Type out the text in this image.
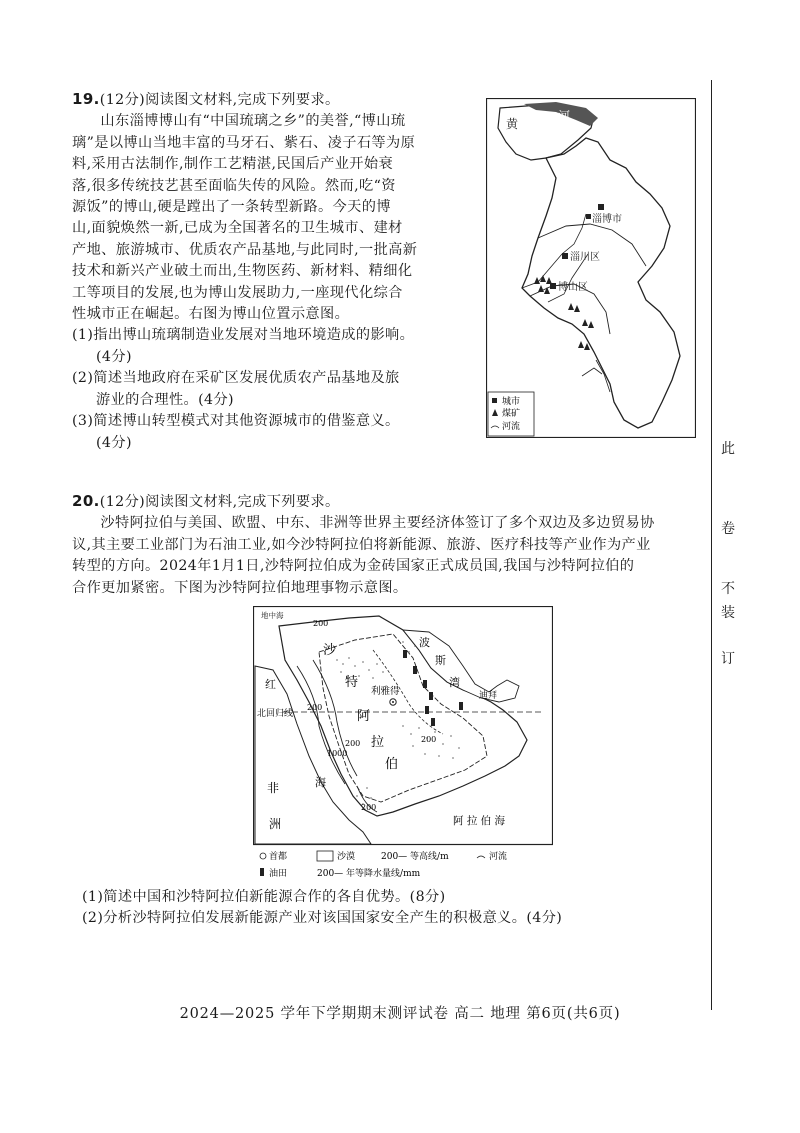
此
卷
不
装
订
19.(12分)阅读图文材料,完成下列要求。
山东淄博博山有“中国琉璃之乡”的美誉,“博山琉
璃”是以博山当地丰富的马牙石、紫石、凌子石等为原
料,采用古法制作,制作工艺精湛,民国后产业开始衰
落,很多传统技艺甚至面临失传的风险。然而,吃“资
源饭”的博山,硬是蹚出了一条转型新路。今天的博
山,面貌焕然一新,已成为全国著名的卫生城市、建材
产地、旅游城市、优质农产品基地,与此同时,一批高新
技术和新兴产业破土而出,生物医药、新材料、精细化
工等项目的发展,也为博山发展助力,一座现代化综合
性城市正在崛起。右图为博山位置示意图。
(1)指出博山琉璃制造业发展对当地环境造成的影响。
(4分)
(2)简述当地政府在采矿区发展优质农产品基地及旅
游业的合理性。(4分)
(3)简述博山转型模式对其他资源城市的借鉴意义。
(4分)
黄
河
淄博市
淄川区
博山区
城市
煤矿
河流
20.(12分)阅读图文材料,完成下列要求。
沙特阿拉伯与美国、欧盟、中东、非洲等世界主要经济体签订了多个双边及多边贸易协
议,其主要工业部门为石油工业,如今沙特阿拉伯将新能源、旅游、医疗科技等产业作为产业
转型的方向。2024年1月1日,沙特阿拉伯成为金砖国家正式成员国,我国与沙特阿拉伯的
合作更加紧密。下图为沙特阿拉伯地理事物示意图。
地中海
沙
特
阿
拉
伯
利雅得
波
斯
湾
红
海
非
洲
北回归线
迪拜
阿 拉 伯 海
200
200
1000
200	200
200
首都	沙漠	200— 等高线/m	河流
油田	200— 年等降水量线/mm
(1)简述中国和沙特阿拉伯新能源合作的各自优势。(8分)
(2)分析沙特阿拉伯发展新能源产业对该国国家安全产生的积极意义。(4分)
2024—2025 学年下学期期末测评试卷 高二 地理 第6页(共6页)
